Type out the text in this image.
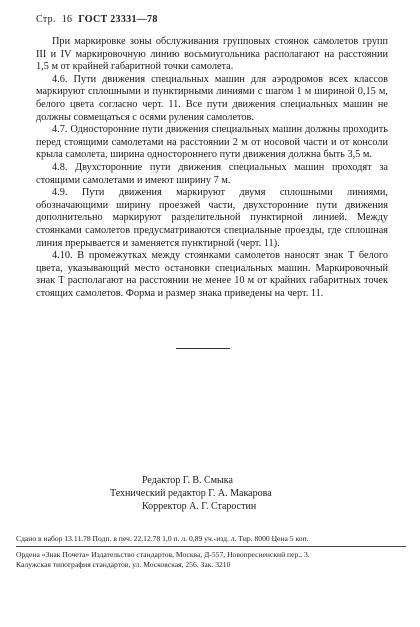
Стр. 16 ГОСТ 23331—78

При маркировке зоны обслуживания групповых стоянок самолетов групп III и IV маркировочную линию восьмиугольника располагают на расстоянии 1,5 м от крайней габаритной точки самолета.

4.6. Пути движения специальных машин для аэродромов всех классов маркируют сплошными и пунктирными линиями с шагом 1 м шириной 0,15 м, белого цвета согласно черт. 11. Все пути движения специальных машин не должны совмещаться с осями руления самолетов.

4.7. Односторонние пути движения специальных машин должны проходить перед стоящими самолетами на расстоянии 2 м от носовой части и от консоли крыла самолета, ширина одностороннего пути движения должна быть 3,5 м.

4.8. Двухсторонние пути движения специальных машин проходят за стоящими самолетами и имеют ширину 7 м.

4.9. Пути движения маркируют двумя сплошными линиями, обозначающими ширину проезжей части, двухсторонние пути движения дополнительно маркируют разделительной пунктирной линией. Между стоянками самолетов предусматриваются специальные проезды, где сплошная линия прерывается и заменяется пунктирной (черт. 11).

4.10. В промежутках между стоянками самолетов наносят знак Т белого цвета, указывающий место остановки специальных машин. Маркировочный знак Т располагают на расстоянии не менее 10 м от крайних габаритных точек стоящих самолетов. Форма и размер знака приведены на черт. 11.

Редактор Г. В. Смыка
Технический редактор Г. А. Макарова
Корректор А. Г. Старостин
Сдано в набор 13.11.78 Подп. в печ. 22.12.78 1,0 п. л. 0,89 уч.-изд. л. Тир. 8000 Цена 5 коп.
Ордена «Знак Почета» Издательство стандартов, Москва, Д-557, Новопресненский пер., 3.
Калужская типография стандартов, ул. Московская, 256. Зак. 3210
